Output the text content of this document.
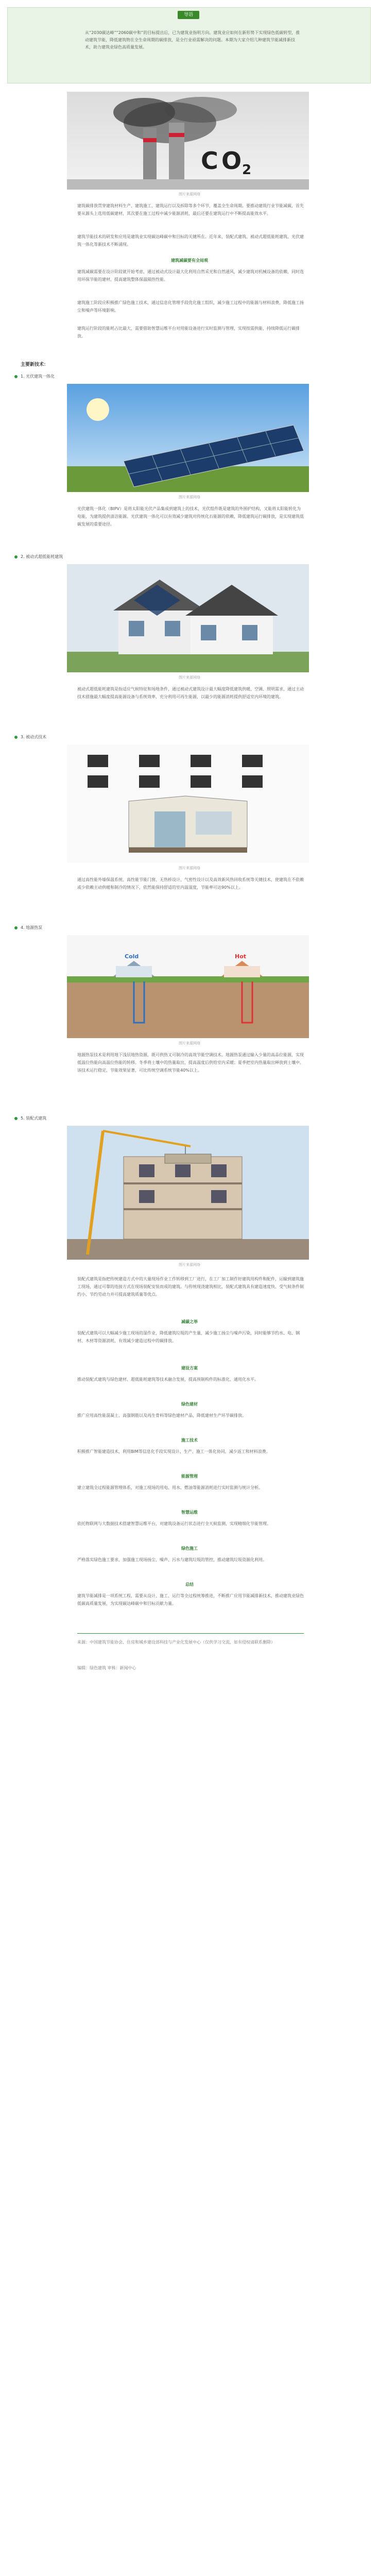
导语
从“2030碳达峰”“2060碳中和”的目标提出后，已为建筑业指明方向。建筑业应如何在新形势下实现绿色低碳转型，推动建筑节能，降低建筑物在全生命周期的碳排放，是全行业亟需解决的问题。本期为大家介绍几种建筑节能减排新技术，助力建筑业绿色高质量发展。
C O 2
图片来源网络
建筑碳排放贯穿建筑材料生产、建筑施工、建筑运行以及拆除等多个环节，覆盖全生命周期。要推动建筑行业节能减碳，首先要从源头上选用低碳建材，其次要在施工过程中减少能源消耗，最后还要在建筑运行中不断提高能效水平。
建筑节能技术的研发和应用是建筑业实现碳达峰碳中和目标的关键所在。近年来，装配式建筑、被动式超低能耗建筑、光伏建筑一体化等新技术不断涌现。
建筑减碳要有全局观
建筑减碳需要在设计阶段就开始考虑，通过被动式设计最大化利用自然采光和自然通风，减少建筑对机械设备的依赖，同时选用环保节能的建材，提高建筑整体保温隔热性能。
建筑施工阶段应积极推广绿色施工技术，通过信息化管理手段优化施工组织，减少施工过程中的能源与材料浪费，降低施工扬尘和噪声等环境影响。
建筑运行阶段的能耗占比最大，需要借助智慧运维平台对用能设备进行实时监测与管理，实现按需供能，持续降低运行碳排放。
主要新技术：
1. 光伏建筑一体化
图片来源网络
光伏建筑一体化（BIPV）是将太阳能光伏产品集成到建筑上的技术，光伏组件既是建筑的外围护结构，又能将太阳能转化为电能，为建筑提供清洁能源。光伏建筑一体化可以有效减少建筑对传统化石能源的依赖，降低建筑运行碳排放，是实现建筑低碳发展的重要途径。
2. 被动式超低能耗建筑
图片来源网络
被动式超低能耗建筑是指适应气候特征和场地条件，通过被动式建筑设计最大幅度降低建筑供暖、空调、照明需求，通过主动技术措施最大幅度提高能源设备与系统效率，充分利用可再生能源，以最少的能源消耗提供舒适室内环境的建筑。
3. 被动式技术
图片来源网络
通过高性能外墙保温系统、高性能节能门窗、无热桥设计、气密性设计以及高效新风热回收系统等关键技术，使建筑在不依赖或少依赖主动供暖和制冷的情况下，依然能保持舒适的室内温湿度，节能率可达90%以上。
4. 地源热泵
Cold	Hot
图片来源网络
地源热泵技术是利用地下浅层地热资源，既可供热又可制冷的高效节能空调技术。地源热泵通过输入少量的高品位能源，实现低温位热能向高温位热能的转移。冬季将土壤中的热量取出，提高温度后供给室内采暖；夏季把室内热量取出释放到土壤中。该技术运行稳定，节能效果显著，可比传统空调系统节能40%以上。
5. 装配式建筑
图片来源网络
装配式建筑是指把传统建造方式中的大量现场作业工作转移到工厂进行，在工厂加工制作好建筑用构件和配件，运输到建筑施工现场，通过可靠的连接方式在现场装配安装而成的建筑。与传统现浇建筑相比，装配式建筑具有建造速度快、受气候条件制约小、节约劳动力并可提高建筑质量等优点。
减碳之举
装配式建筑可以大幅减少施工现场的湿作业，降低建筑垃圾的产生量，减少施工扬尘与噪声污染，同时能够节约水、电、钢材、木材等资源消耗，有效减少建造过程中的碳排放。
建设方案
推动装配式建筑与绿色建材、超低能耗建筑等技术融合发展，提高预制构件的标准化、通用化水平。
绿色建材
推广应用高性能混凝土、高强钢筋以及再生骨料等绿色建材产品，降低建材生产环节碳排放。
施工技术
积极推广智能建造技术，利用BIM等信息化手段实现设计、生产、施工一体化协同，减少返工和材料浪费。
能源管理
建立建筑全过程能源管理体系，对施工现场的用电、用水、燃油等能源消耗进行实时监测与统计分析。
智慧运维
依托物联网与大数据技术搭建智慧运维平台，对建筑设备运行状态进行全天候监测，实现精细化节能管理。
绿色施工
严格落实绿色施工要求，加强施工现场扬尘、噪声、污水与建筑垃圾的管控，推动建筑垃圾资源化利用。
总结
建筑节能减排是一项系统工程，需要从设计、施工、运行等全过程统筹推进，不断推广应用节能减排新技术，推动建筑业绿色低碳高质量发展，为实现碳达峰碳中和目标贡献力量。
来源：中国建筑节能协会、住房和城乡建设部科技与产业化发展中心（仅供学习交流，如有侵权请联系删除）
编辑：绿色建筑 审核：新闻中心
